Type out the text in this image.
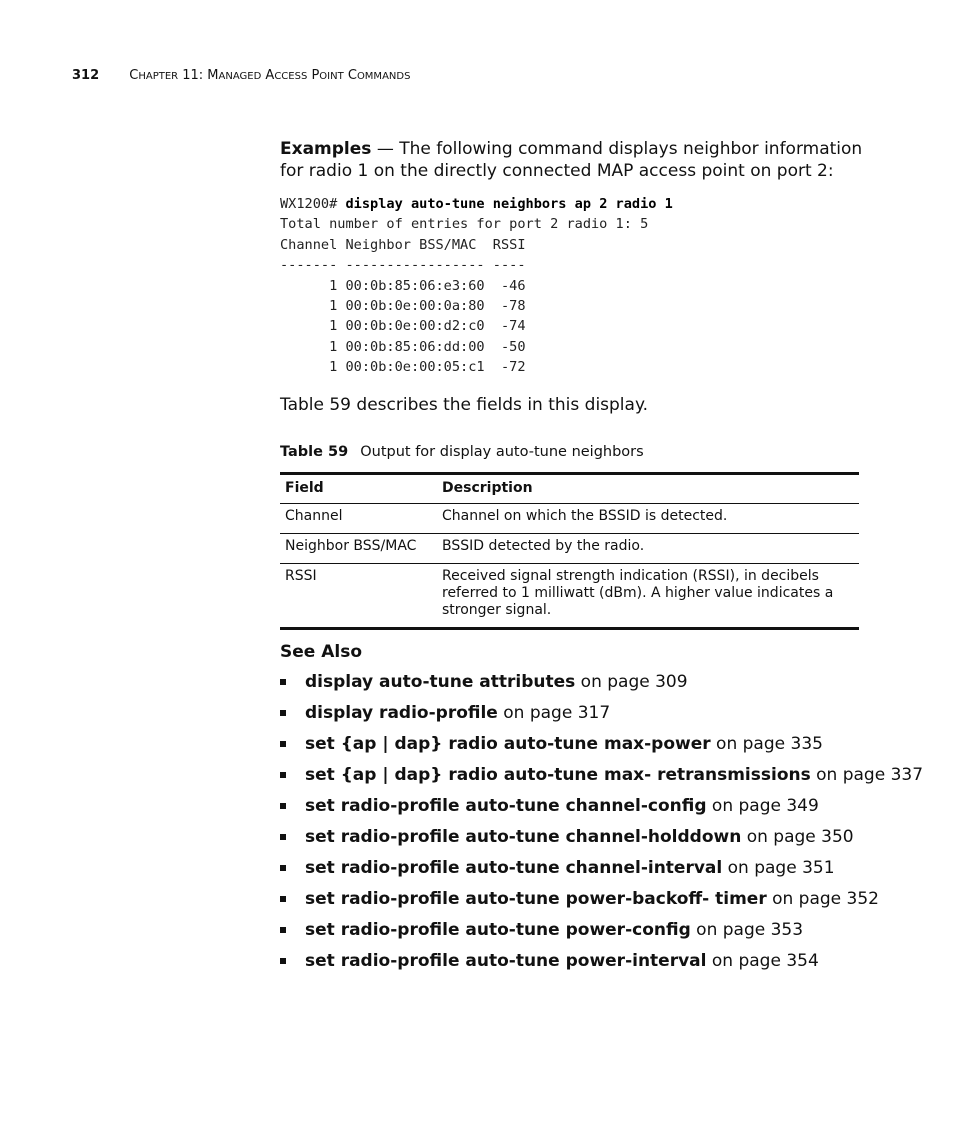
312 CHAPTER 11: MANAGED ACCESS POINT COMMANDS

Examples — The following command displays neighbor information for radio 1 on the directly connected MAP access point on port 2:

WX1200# display auto-tune neighbors ap 2 radio 1
Total number of entries for port 2 radio 1: 5
Channel Neighbor BSS/MAC  RSSI
------- ----------------- ----
1 00:0b:85:06:e3:60  -46
1 00:0b:0e:00:0a:80  -78
1 00:0b:0e:00:d2:c0  -74
1 00:0b:85:06:dd:00  -50
1 00:0b:0e:00:05:c1  -72

Table 59 describes the fields in this display.

Table 59 Output for display auto-tune neighbors
Field	Description
Channel	Channel on which the BSSID is detected.
Neighbor BSS/MAC	BSSID detected by the radio.
RSSI	Received signal strength indication (RSSI), in decibels referred to 1 milliwatt (dBm). A higher value indicates a stronger signal.
See Also
display auto-tune attributes on page 309
display radio-profile on page 317
set {ap | dap} radio auto-tune max-power on page 335
set {ap | dap} radio auto-tune max- retransmissions on page 337
set radio-profile auto-tune channel-config on page 349
set radio-profile auto-tune channel-holddown on page 350
set radio-profile auto-tune channel-interval on page 351
set radio-profile auto-tune power-backoff- timer on page 352
set radio-profile auto-tune power-config on page 353
set radio-profile auto-tune power-interval on page 354
